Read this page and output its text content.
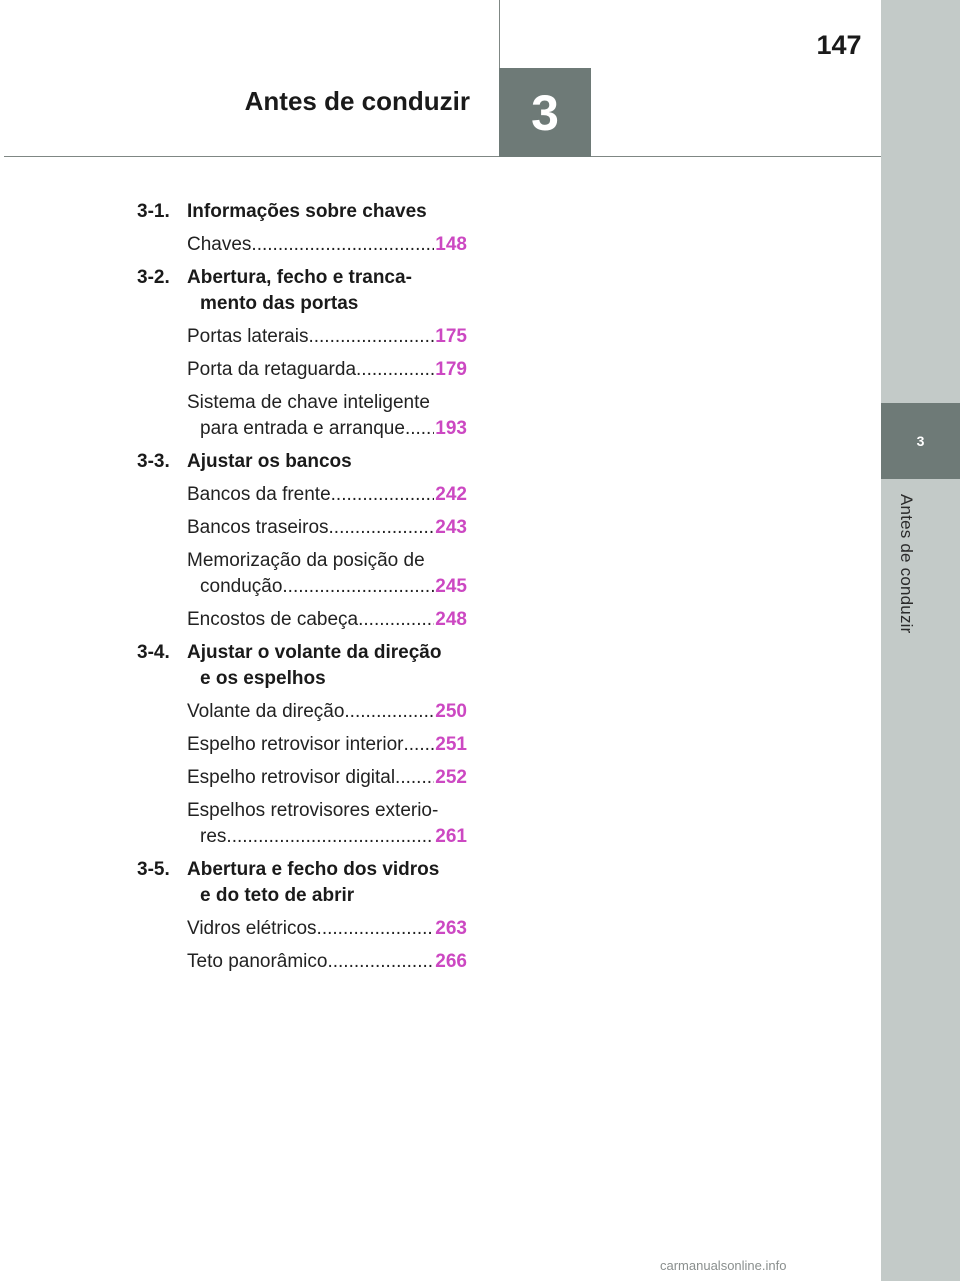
Antes de conduzir 3
147
3
Antes de conduzir
3-1. Informações sobre chaves
Chaves .....	148
3-2. Abertura, fecho e tranca-
mento das portas
Portas laterais .....	175
Porta da retaguarda .....	179
Sistema de chave inteligente
para entrada e arranque ..... 193
3-3. Ajustar os bancos
Bancos da frente .....	242
Bancos traseiros .....	243
Memorização da posição de
condução .....	245
Encostos de cabeça .....	248
3-4. Ajustar o volante da direção
e os espelhos
Volante da direção .....	250
Espelho retrovisor interior ..... 251
Espelho retrovisor digital ..... 252
Espelhos retrovisores exterio-
res. .....	261
3-5. Abertura e fecho dos vidros
e do teto de abrir
Vidros elétricos .....	263
Teto panorâmico .....	266
carmanualsonline.info
